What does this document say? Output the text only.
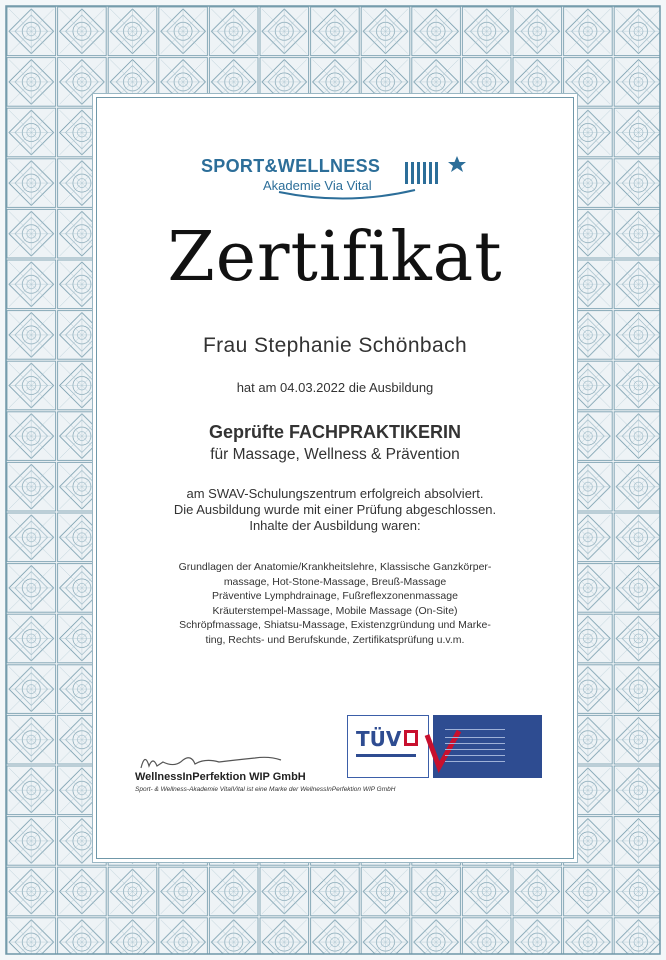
SPORT&WELLNESS
Akademie Via Vital
Zertifikat
Frau Stephanie Schönbach
hat am 04.03.2022 die Ausbildung
Geprüfte FACHPRAKTIKERIN
für Massage, Wellness & Prävention
am SWAV-Schulungszentrum erfolgreich absolviert.
Die Ausbildung wurde mit einer Prüfung abgeschlossen.
Inhalte der Ausbildung waren:
Grundlagen der Anatomie/Krankheitslehre, Klassische Ganzkörper-
massage, Hot-Stone-Massage, Breuß-Massage
Präventive Lymphdrainage, Fußreflexzonenmassage
Kräuterstempel-Massage, Mobile Massage (On-Site)
Schröpfmassage, Shiatsu-Massage, Existenzgründung und Marke-
ting, Rechts- und Berufskunde, Zertifikatsprüfung u.v.m.
WellnessInPerfektion WIP GmbH
Sport- & Wellness-Akademie VitalVital ist eine Marke der WellnessInPerfektion WIP GmbH
TÜV
